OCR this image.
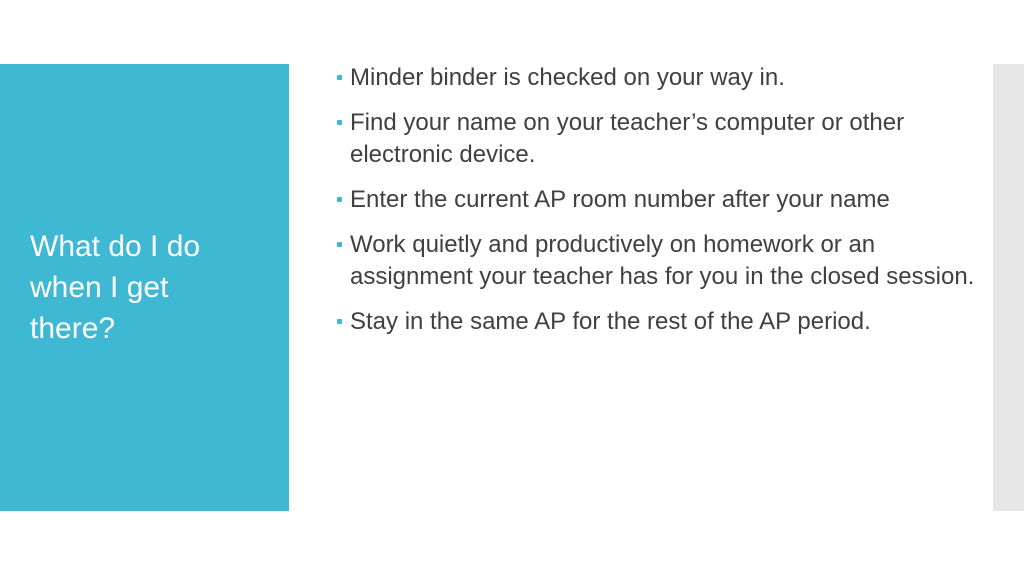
What do I do
when I get
there?
Minder binder is checked on your way in.
Find your name on your teacher’s computer or other electronic device.
Enter the current AP room number after your name
Work quietly and productively on homework or an assignment your teacher has for you in the closed session.
Stay in the same AP for the rest of the AP period.
